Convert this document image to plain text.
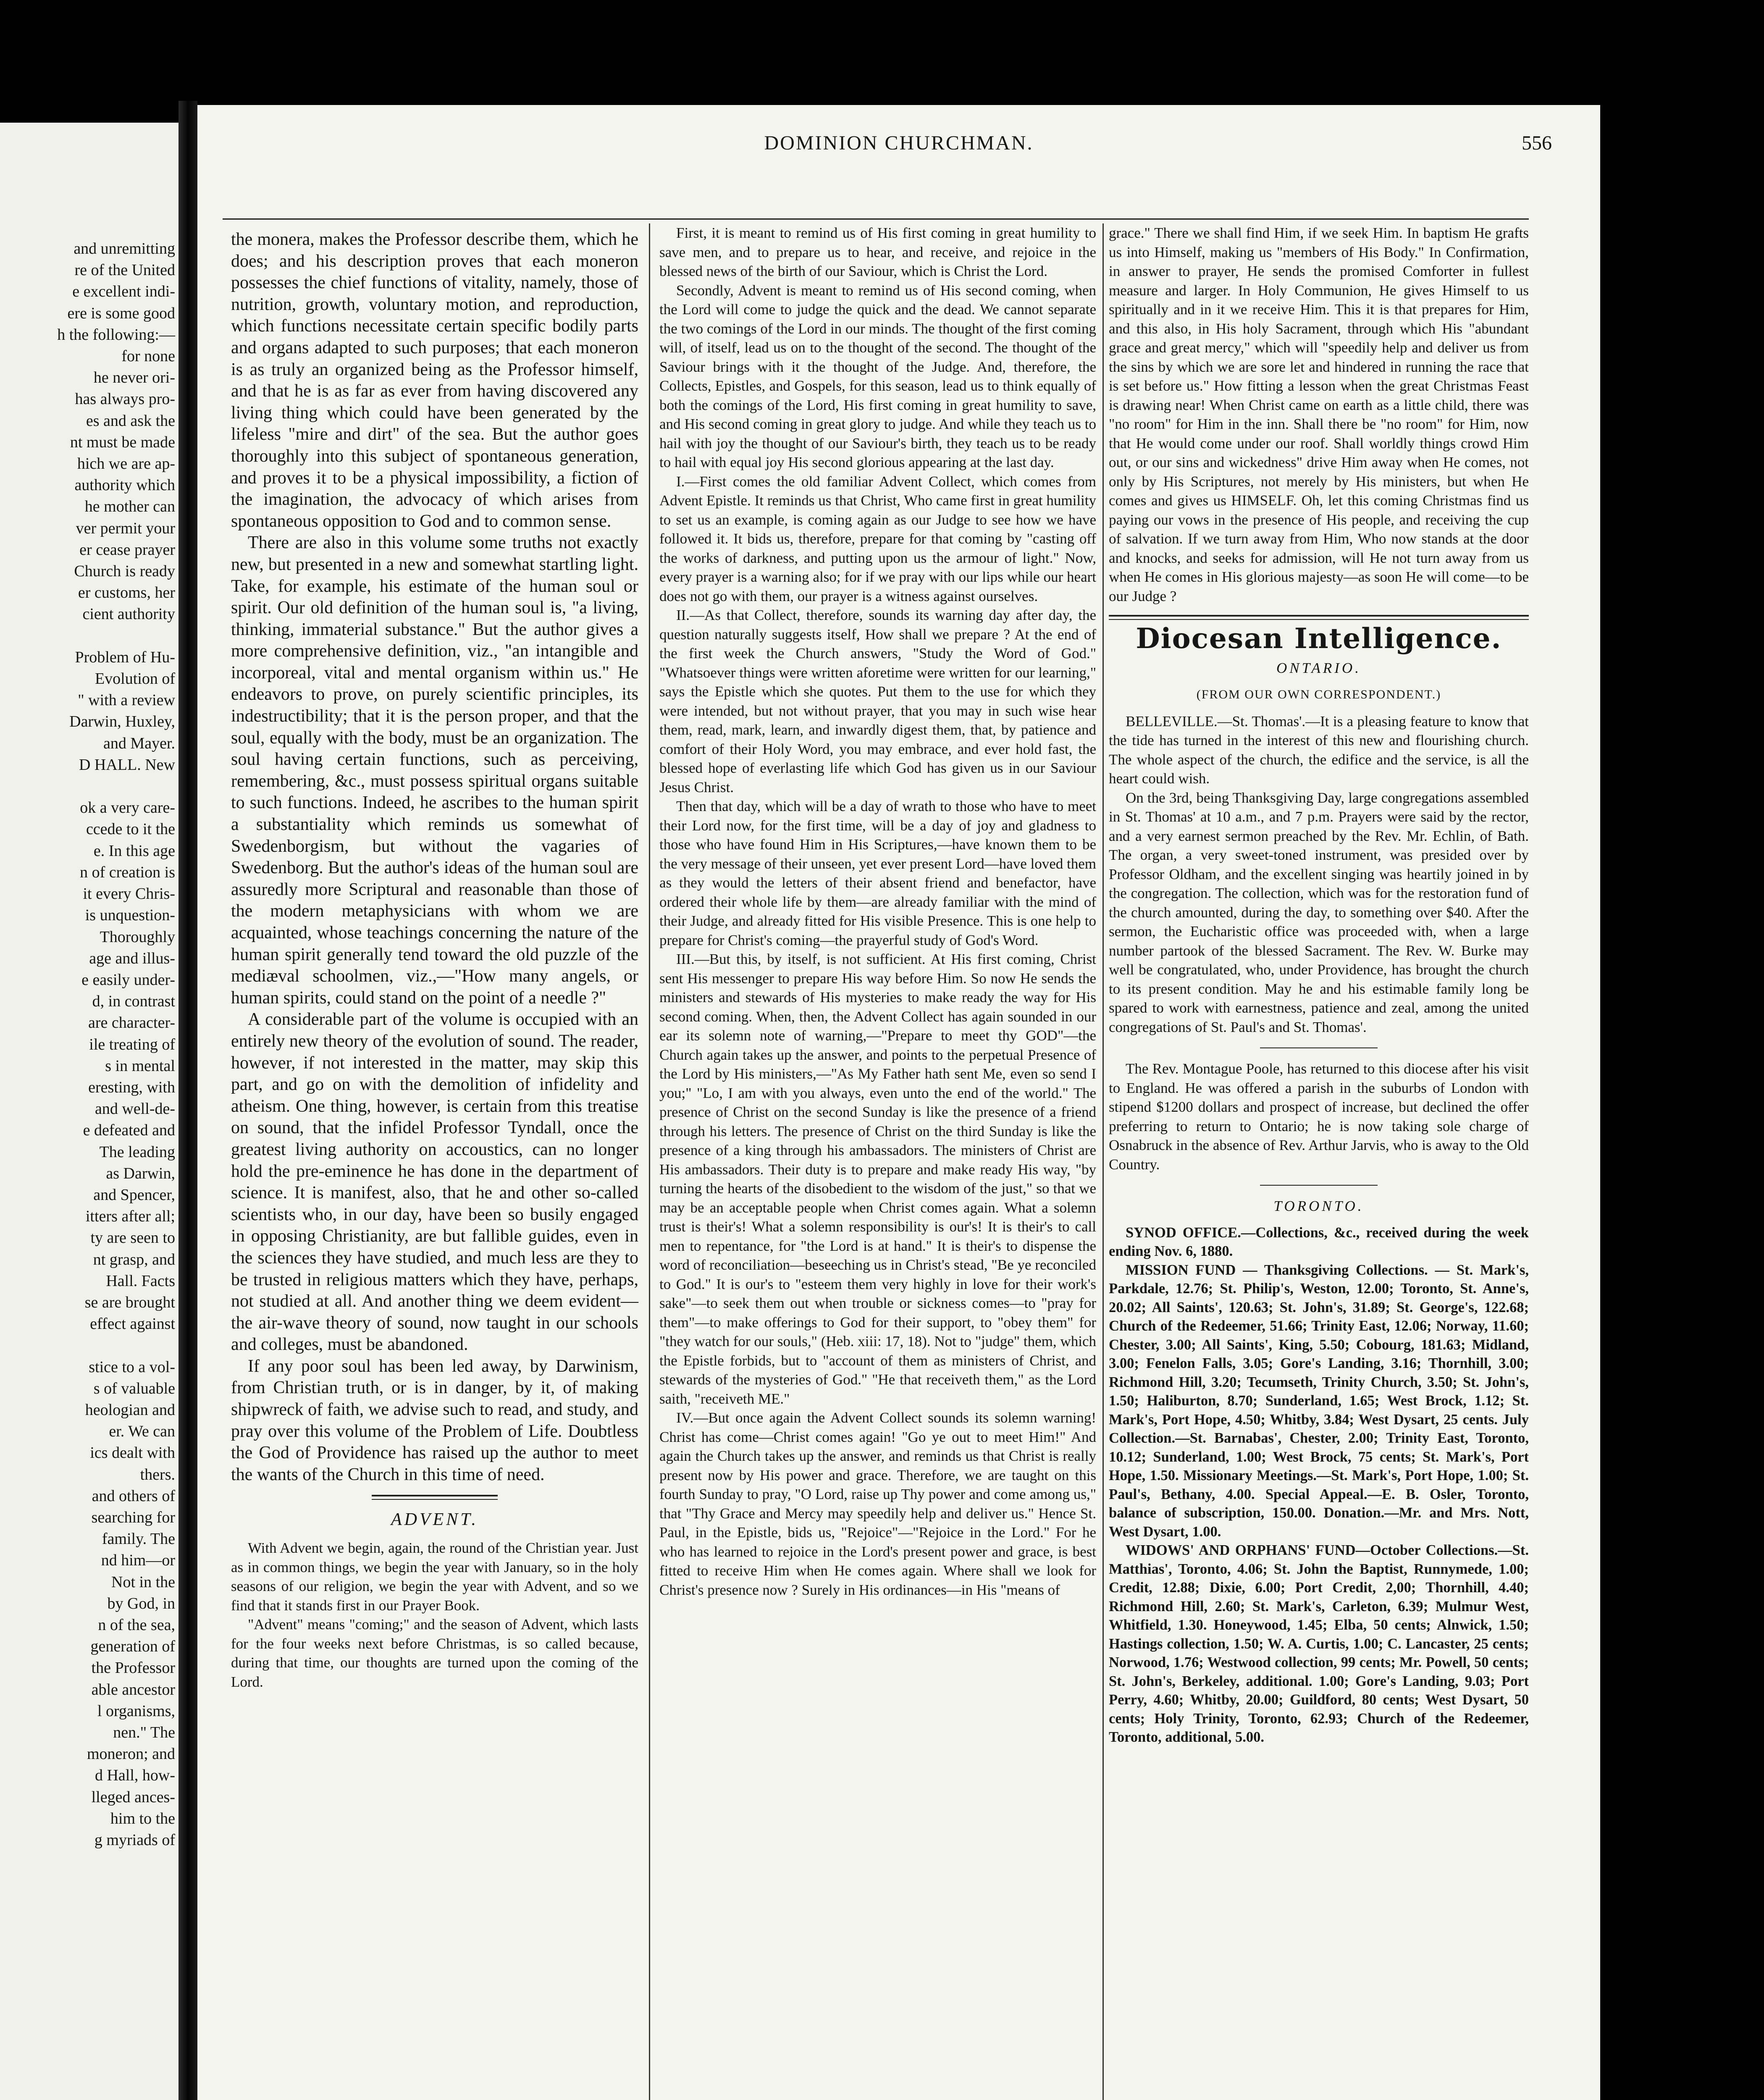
and unremitting
re of the United
e excellent indi-
ere is some good
h the following:—
for none
he never ori-
has always pro-
es and ask the
nt must be made
hich we are ap-
authority which
he mother can
ver permit your
er cease prayer
Church is ready
er customs, her
cient authority

Problem of Hu-
Evolution of
" with a review
Darwin, Huxley,
and Mayer.
D HALL. New

ok a very care-
ccede to it the
e. In this age
n of creation is
it every Chris-
is unquestion-
Thoroughly
age and illus-
e easily under-
d, in contrast
are character-
ile treating of
s in mental
eresting, with
and well-de-
e defeated and
The leading
as Darwin,
and Spencer,
itters after all;
ty are seen to
nt grasp, and
Hall. Facts
se are brought
effect against

stice to a vol-
s of valuable
heologian and
er. We can
ics dealt with
thers.
and others of
searching for
family. The
nd him—or
Not in the
by God, in
n of the sea,
generation of
the Professor
able ancestor
l organisms,
nen." The
moneron; and
d Hall, how-
lleged ances-
him to the
g myriads of
DOMINION CHURCHMAN.	556

the monera, makes the Professor describe them, which he does; and his description proves that each moneron possesses the chief functions of vitality, namely, those of nutrition, growth, voluntary motion, and reproduction, which functions necessitate certain specific bodily parts and organs adapted to such purposes; that each moneron is as truly an organized being as the Professor himself, and that he is as far as ever from having discovered any living thing which could have been generated by the lifeless "mire and dirt" of the sea. But the author goes thoroughly into this subject of spontaneous generation, and proves it to be a physical impossibility, a fiction of the imagination, the advocacy of which arises from spontaneous opposition to God and to common sense.

There are also in this volume some truths not exactly new, but presented in a new and somewhat startling light. Take, for example, his estimate of the human soul or spirit. Our old definition of the human soul is, "a living, thinking, immaterial substance." But the author gives a more comprehensive definition, viz., "an intangible and incorporeal, vital and mental organism within us." He endeavors to prove, on purely scientific principles, its indestructibility; that it is the person proper, and that the soul, equally with the body, must be an organization. The soul having certain functions, such as perceiving, remembering, &c., must possess spiritual organs suitable to such functions. Indeed, he ascribes to the human spirit a substantiality which reminds us somewhat of Swedenborgism, but without the vagaries of Swedenborg. But the author's ideas of the human soul are assuredly more Scriptural and reasonable than those of the modern metaphysicians with whom we are acquainted, whose teachings concerning the nature of the human spirit generally tend toward the old puzzle of the mediæval schoolmen, viz.,—"How many angels, or human spirits, could stand on the point of a needle ?"

A considerable part of the volume is occupied with an entirely new theory of the evolution of sound. The reader, however, if not interested in the matter, may skip this part, and go on with the demolition of infidelity and atheism. One thing, however, is certain from this treatise on sound, that the infidel Professor Tyndall, once the greatest living authority on accoustics, can no longer hold the pre-eminence he has done in the department of science. It is manifest, also, that he and other so-called scientists who, in our day, have been so busily engaged in opposing Christianity, are but fallible guides, even in the sciences they have studied, and much less are they to be trusted in religious matters which they have, perhaps, not studied at all. And another thing we deem evident—the air-wave theory of sound, now taught in our schools and colleges, must be abandoned.

If any poor soul has been led away, by Darwinism, from Christian truth, or is in danger, by it, of making shipwreck of faith, we advise such to read, and study, and pray over this volume of the Problem of Life. Doubtless the God of Providence has raised up the author to meet the wants of the Church in this time of need.

ADVENT.

With Advent we begin, again, the round of the Christian year. Just as in common things, we begin the year with January, so in the holy seasons of our religion, we begin the year with Advent, and so we find that it stands first in our Prayer Book.

"Advent" means "coming;" and the season of Advent, which lasts for the four weeks next before Christmas, is so called because, during that time, our thoughts are turned upon the coming of the Lord.

First, it is meant to remind us of His first coming in great humility to save men, and to prepare us to hear, and receive, and rejoice in the blessed news of the birth of our Saviour, which is Christ the Lord.

Secondly, Advent is meant to remind us of His second coming, when the Lord will come to judge the quick and the dead. We cannot separate the two comings of the Lord in our minds. The thought of the first coming will, of itself, lead us on to the thought of the second. The thought of the Saviour brings with it the thought of the Judge. And, therefore, the Collects, Epistles, and Gospels, for this season, lead us to think equally of both the comings of the Lord, His first coming in great humility to save, and His second coming in great glory to judge. And while they teach us to hail with joy the thought of our Saviour's birth, they teach us to be ready to hail with equal joy His second glorious appearing at the last day.

I.—First comes the old familiar Advent Collect, which comes from Advent Epistle. It reminds us that Christ, Who came first in great humility to set us an example, is coming again as our Judge to see how we have followed it. It bids us, therefore, prepare for that coming by "casting off the works of darkness, and putting upon us the armour of light." Now, every prayer is a warning also; for if we pray with our lips while our heart does not go with them, our prayer is a witness against ourselves.

II.—As that Collect, therefore, sounds its warning day after day, the question naturally suggests itself, How shall we prepare ? At the end of the first week the Church answers, "Study the Word of God." "Whatsoever things were written aforetime were written for our learning," says the Epistle which she quotes. Put them to the use for which they were intended, but not without prayer, that you may in such wise hear them, read, mark, learn, and inwardly digest them, that, by patience and comfort of their Holy Word, you may embrace, and ever hold fast, the blessed hope of everlasting life which God has given us in our Saviour Jesus Christ.

Then that day, which will be a day of wrath to those who have to meet their Lord now, for the first time, will be a day of joy and gladness to those who have found Him in His Scriptures,—have known them to be the very message of their unseen, yet ever present Lord—have loved them as they would the letters of their absent friend and benefactor, have ordered their whole life by them—are already familiar with the mind of their Judge, and already fitted for His visible Presence. This is one help to prepare for Christ's coming—the prayerful study of God's Word.

III.—But this, by itself, is not sufficient. At His first coming, Christ sent His messenger to prepare His way before Him. So now He sends the ministers and stewards of His mysteries to make ready the way for His second coming. When, then, the Advent Collect has again sounded in our ear its solemn note of warning,—"Prepare to meet thy GOD"—the Church again takes up the answer, and points to the perpetual Presence of the Lord by His ministers,—"As My Father hath sent Me, even so send I you;" "Lo, I am with you always, even unto the end of the world." The presence of Christ on the second Sunday is like the presence of a friend through his letters. The presence of Christ on the third Sunday is like the presence of a king through his ambassadors. The ministers of Christ are His ambassadors. Their duty is to prepare and make ready His way, "by turning the hearts of the disobedient to the wisdom of the just," so that we may be an acceptable people when Christ comes again. What a solemn trust is their's! What a solemn responsibility is our's! It is their's to call men to repentance, for "the Lord is at hand." It is their's to dispense the word of reconciliation—beseeching us in Christ's stead, "Be ye reconciled to God." It is our's to "esteem them very highly in love for their work's sake"—to seek them out when trouble or sickness comes—to "pray for them"—to make offerings to God for their support, to "obey them" for "they watch for our souls," (Heb. xiii: 17, 18). Not to "judge" them, which the Epistle forbids, but to "account of them as ministers of Christ, and stewards of the mysteries of God." "He that receiveth them," as the Lord saith, "receiveth ME."

IV.—But once again the Advent Collect sounds its solemn warning! Christ has come—Christ comes again! "Go ye out to meet Him!" And again the Church takes up the answer, and reminds us that Christ is really present now by His power and grace. Therefore, we are taught on this fourth Sunday to pray, "O Lord, raise up Thy power and come among us," that "Thy Grace and Mercy may speedily help and deliver us." Hence St. Paul, in the Epistle, bids us, "Rejoice"—"Rejoice in the Lord." For he who has learned to rejoice in the Lord's present power and grace, is best fitted to receive Him when He comes again. Where shall we look for Christ's presence now ? Surely in His ordinances—in His "means of

grace." There we shall find Him, if we seek Him. In baptism He grafts us into Himself, making us "members of His Body." In Confirmation, in answer to prayer, He sends the promised Comforter in fullest measure and larger. In Holy Communion, He gives Himself to us spiritually and in it we receive Him. This it is that prepares for Him, and this also, in His holy Sacrament, through which His "abundant grace and great mercy," which will "speedily help and deliver us from the sins by which we are sore let and hindered in running the race that is set before us." How fitting a lesson when the great Christmas Feast is drawing near! When Christ came on earth as a little child, there was "no room" for Him in the inn. Shall there be "no room" for Him, now that He would come under our roof. Shall worldly things crowd Him out, or our sins and wickedness" drive Him away when He comes, not only by His Scriptures, not merely by His ministers, but when He comes and gives us HIMSELF. Oh, let this coming Christmas find us paying our vows in the presence of His people, and receiving the cup of salvation. If we turn away from Him, Who now stands at the door and knocks, and seeks for admission, will He not turn away from us when He comes in His glorious majesty—as soon He will come—to be our Judge ?

Diocesan Intelligence.
ONTARIO.
(FROM OUR OWN CORRESPONDENT.)

BELLEVILLE.—St. Thomas'.—It is a pleasing feature to know that the tide has turned in the interest of this new and flourishing church. The whole aspect of the church, the edifice and the service, is all the heart could wish.

On the 3rd, being Thanksgiving Day, large congregations assembled in St. Thomas' at 10 a.m., and 7 p.m. Prayers were said by the rector, and a very earnest sermon preached by the Rev. Mr. Echlin, of Bath. The organ, a very sweet-toned instrument, was presided over by Professor Oldham, and the excellent singing was heartily joined in by the congregation. The collection, which was for the restoration fund of the church amounted, during the day, to something over $40. After the sermon, the Eucharistic office was proceeded with, when a large number partook of the blessed Sacrament. The Rev. W. Burke may well be congratulated, who, under Providence, has brought the church to its present condition. May he and his estimable family long be spared to work with earnestness, patience and zeal, among the united congregations of St. Paul's and St. Thomas'.

The Rev. Montague Poole, has returned to this diocese after his visit to England. He was offered a parish in the suburbs of London with stipend $1200 dollars and prospect of increase, but declined the offer preferring to return to Ontario; he is now taking sole charge of Osnabruck in the absence of Rev. Arthur Jarvis, who is away to the Old Country.

TORONTO.

SYNOD OFFICE.—Collections, &c., received during the week ending Nov. 6, 1880.

MISSION FUND — Thanksgiving Collections. — St. Mark's, Parkdale, 12.76; St. Philip's, Weston, 12.00; Toronto, St. Anne's, 20.02; All Saints', 120.63; St. John's, 31.89; St. George's, 122.68; Church of the Redeemer, 51.66; Trinity East, 12.06; Norway, 11.60; Chester, 3.00; All Saints', King, 5.50; Cobourg, 181.63; Midland, 3.00; Fenelon Falls, 3.05; Gore's Landing, 3.16; Thornhill, 3.00; Richmond Hill, 3.20; Tecumseth, Trinity Church, 3.50; St. John's, 1.50; Haliburton, 8.70; Sunderland, 1.65; West Brock, 1.12; St. Mark's, Port Hope, 4.50; Whitby, 3.84; West Dysart, 25 cents. July Collection.—St. Barnabas', Chester, 2.00; Trinity East, Toronto, 10.12; Sunderland, 1.00; West Brock, 75 cents; St. Mark's, Port Hope, 1.50. Missionary Meetings.—St. Mark's, Port Hope, 1.00; St. Paul's, Bethany, 4.00. Special Appeal.—E. B. Osler, Toronto, balance of subscription, 150.00. Donation.—Mr. and Mrs. Nott, West Dysart, 1.00.

WIDOWS' AND ORPHANS' FUND—October Collections.—St. Matthias', Toronto, 4.06; St. John the Baptist, Runnymede, 1.00; Credit, 12.88; Dixie, 6.00; Port Credit, 2,00; Thornhill, 4.40; Richmond Hill, 2.60; St. Mark's, Carleton, 6.39; Mulmur West, Whitfield, 1.30. Honeywood, 1.45; Elba, 50 cents; Alnwick, 1.50; Hastings collection, 1.50; W. A. Curtis, 1.00; C. Lancaster, 25 cents; Norwood, 1.76; Westwood collection, 99 cents; Mr. Powell, 50 cents; St. John's, Berkeley, additional. 1.00; Gore's Landing, 9.03; Port Perry, 4.60; Whitby, 20.00; Guildford, 80 cents; West Dysart, 50 cents; Holy Trinity, Toronto, 62.93; Church of the Redeemer, Toronto, additional, 5.00.
